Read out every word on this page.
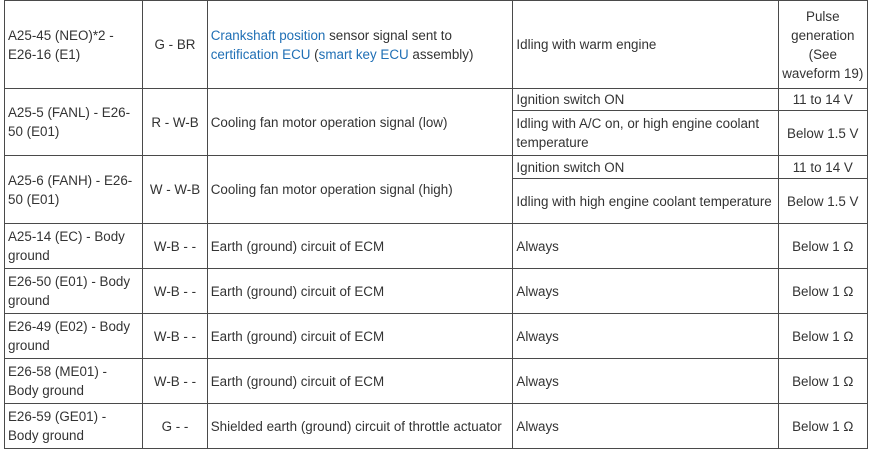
A25-45 (NEO)*2 - E26-16 (E1)	G - BR	Crankshaft position sensor signal sent to certification ECU (smart key ECU assembly)	Idling with warm engine	Pulse generation (See waveform 19)
A25-5 (FANL) - E26-50 (E01)	R - W-B	Cooling fan motor operation signal (low)	Ignition switch ON	11 to 14 V
			Idling with A/C on, or high engine coolant temperature	Below 1.5 V
A25-6 (FANH) - E26-50 (E01)	W - W-B	Cooling fan motor operation signal (high)	Ignition switch ON	11 to 14 V
			Idling with high engine coolant temperature	Below 1.5 V
A25-14 (EC) - Body ground	W-B - -	Earth (ground) circuit of ECM	Always	Below 1 Ω
E26-50 (E01) - Body ground	W-B - -	Earth (ground) circuit of ECM	Always	Below 1 Ω
E26-49 (E02) - Body ground	W-B - -	Earth (ground) circuit of ECM	Always	Below 1 Ω
E26-58 (ME01) - Body ground	W-B - -	Earth (ground) circuit of ECM	Always	Below 1 Ω
E26-59 (GE01) - Body ground	G - -	Shielded earth (ground) circuit of throttle actuator	Always	Below 1 Ω
